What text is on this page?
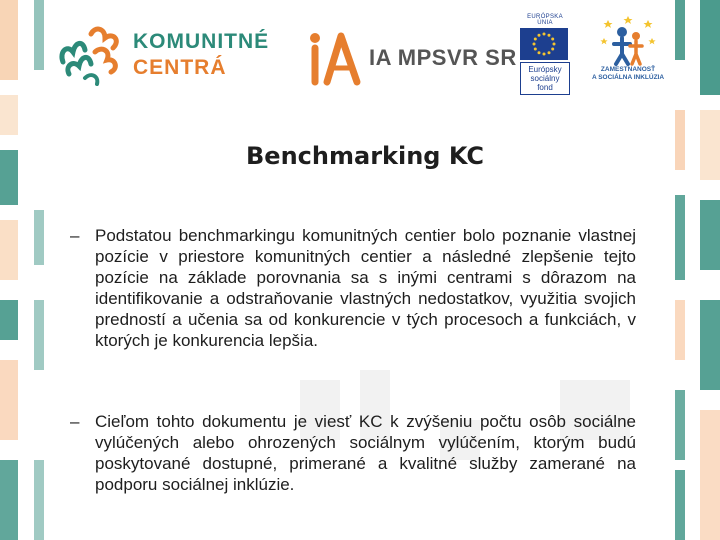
KOMUNITNÉ
CENTRÁ	IA MPSVR SR
EURÓPSKA ÚNIA
Európsky sociálny fond
ZAMESTNANOSŤ
A SOCIÁLNA INKLÚZIA
Benchmarking KC
– Podstatou benchmarkingu komunitných centier bolo poznanie vlastnej pozície v priestore komunitných centier a následné zlepšenie tejto pozície na základe porovnania sa s inými centrami s dôrazom na identifikovanie a odstraňovanie vlastných nedostatkov, využitia svojich predností a učenia sa od konkurencie v tých procesoch a funkciách, v ktorých je konkurencia lepšia.
– Cieľom tohto dokumentu je viesť KC k zvýšeniu počtu osôb sociálne vylúčených alebo ohrozených sociálnym vylúčením, ktorým budú poskytované dostupné, primerané a kvalitné služby zamerané na podporu sociálnej inklúzie.
